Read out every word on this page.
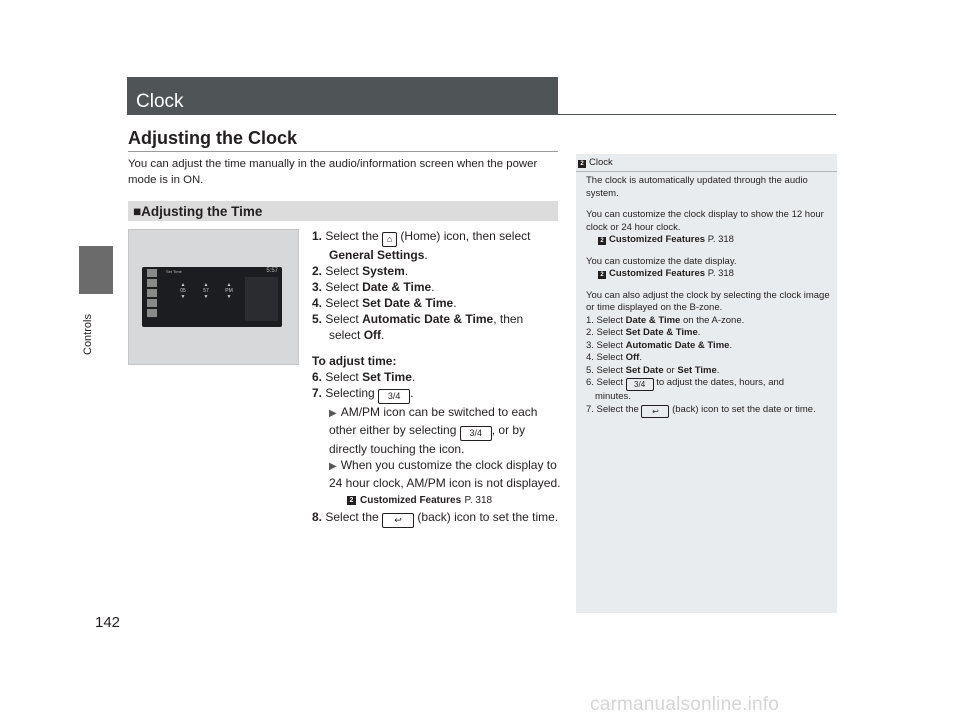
Controls
142
carmanualsonline.info
Clock
Adjusting the Clock
You can adjust the time manually in the audio/information screen when the power mode is in ON.
■Adjusting the Time
Set Time	5:57
▲
05
▼
▲
57
▼
▲
PM
▼
1. Select the ⌂ (Home) icon, then select
General Settings.
2. Select System.
3. Select Date & Time.
4. Select Set Date & Time.
5. Select Automatic Date & Time, then
select Off.
To adjust time:
6. Select Set Time.
7. Selecting 3/4 .
▶ AM/PM icon can be switched to each other either by selecting 3/4 , or by directly touching the icon.
▶ When you customize the clock display to 24 hour clock, AM/PM icon is not displayed.
2 Customized Features P. 318
8. Select the ↩ (back) icon to set the time.
2 Clock

The clock is automatically updated through the audio system.

You can customize the clock display to show the 12 hour clock or 24 hour clock.
2 Customized Features P. 318

You can customize the date display.
2 Customized Features P. 318

You can also adjust the clock by selecting the clock image or time displayed on the B-zone.

1. Select Date & Time on the A-zone.
2. Select Set Date & Time.
3. Select Automatic Date & Time.
4. Select Off.
5. Select Set Date or Set Time.
6. Select 3/4 to adjust the dates, hours, and
minutes.
7. Select the ↩ (back) icon to set the date or time.
